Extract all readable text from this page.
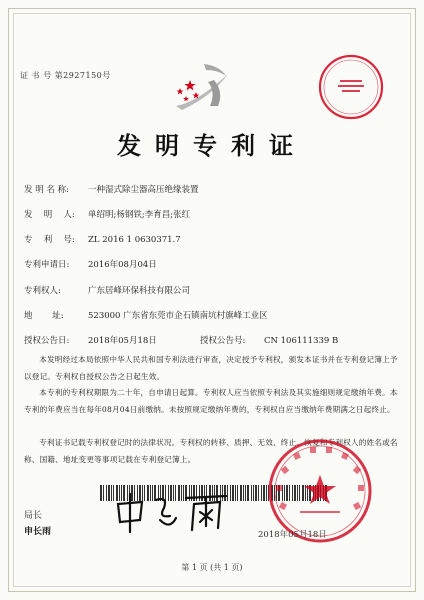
证 书 号 第2927150号
发明专利证
发 明 名 称: 一种湿式除尘器高压绝缘装置
发　 明　 人: 单绍明;杨钢铁;李育昌;张红
专　 利　 号: ZL 2016 1 0630371.7
专利申请日: 2016年08月04日
专利权人:	广东居峰环保科技有限公司
地　　 址:	523000 广东省东莞市企石镇南坑村旗峰工业区
授权公告日: 2018年05月18日	授权公告号: CN 106111339 B
本发明经过本局依照中华人民共和国专利法进行审查，决定授予专利权，颁发本证书并在专利登记簿上予以登记。专利权自授权公告之日起生效。
本专利的专利权期限为二十年，自申请日起算。专利权人应当依照专利法及其实施细则规定缴纳年费。本专利的年费应当在每年08月04日前缴纳。未按照规定缴纳年费的，专利权自应当缴纳年费期满之日起终止。
专利证书记载专利权登记时的法律状况。专利权的转移、质押、无效、终止、恢复和专利权人的姓名或名称、国籍、地址变更等事项记载在专利登记簿上。
局长
申长雨	2018年05月18日
第 1 页 (共 1 页)
